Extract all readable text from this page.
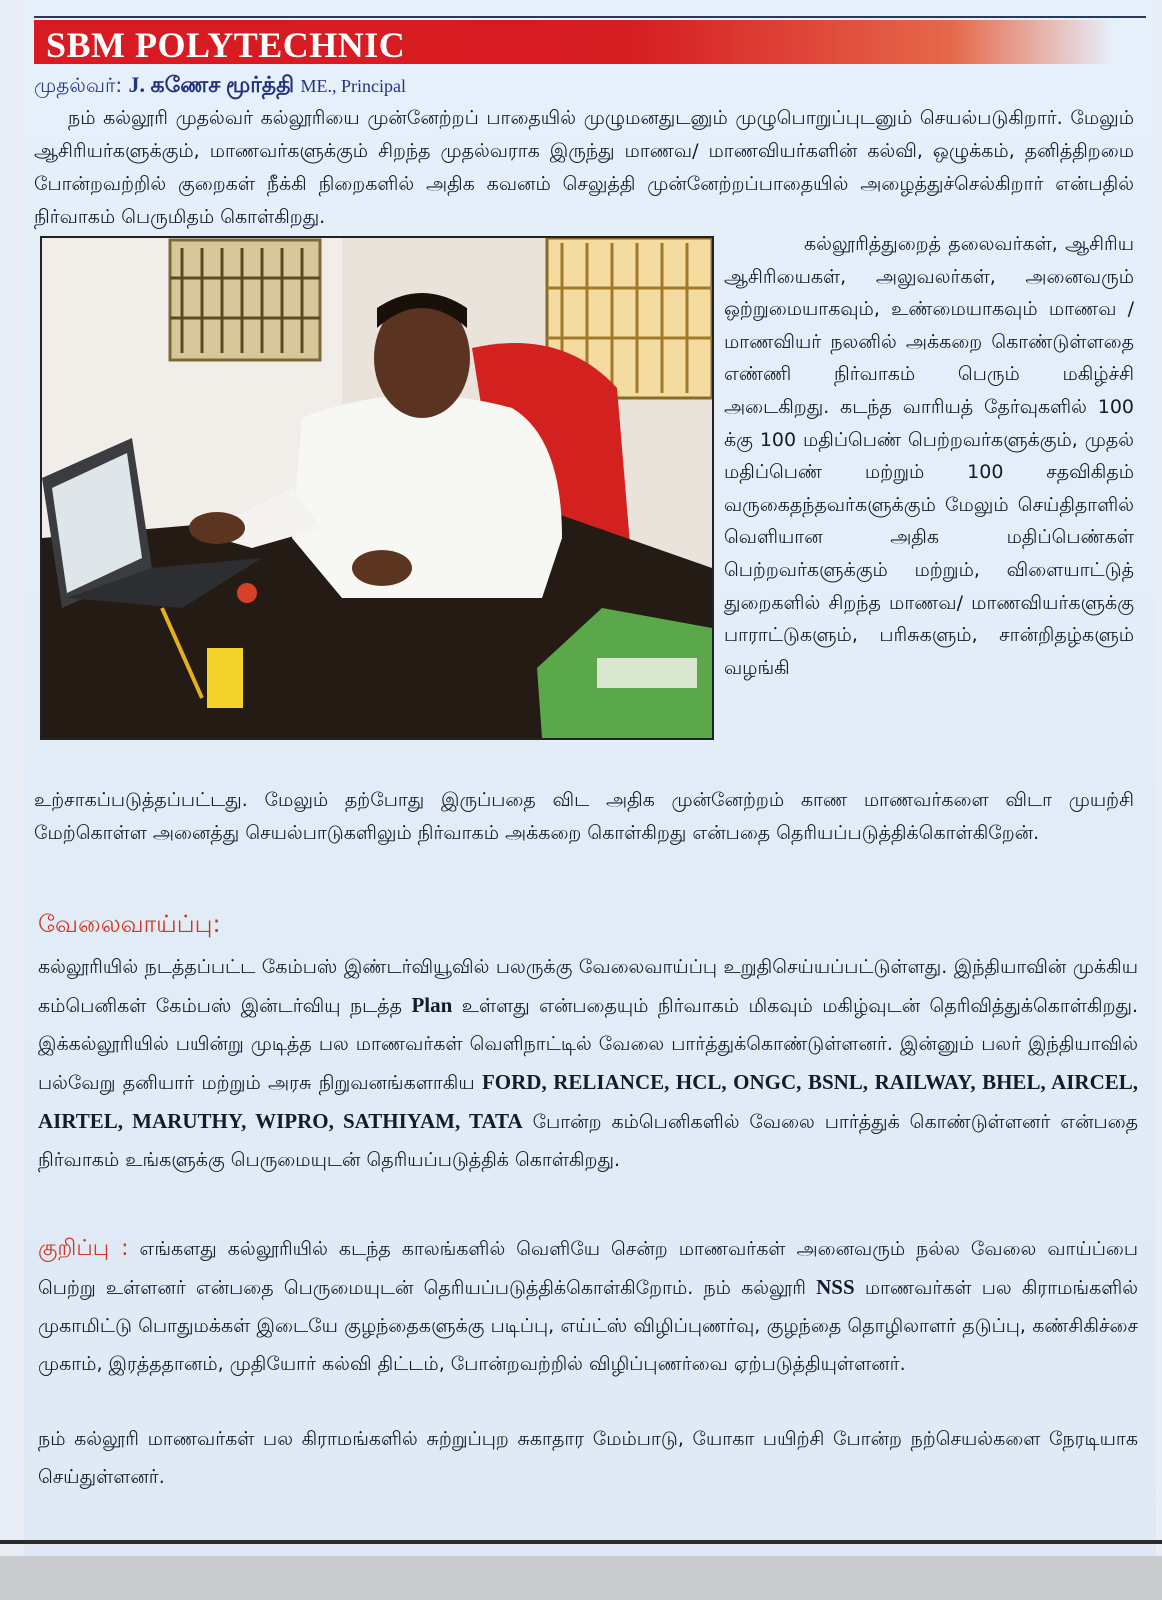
SBM POLYTECHNIC
முதல்வர்: J. கணேச மூர்த்தி ME., Principal
நம் கல்லூரி முதல்வர் கல்லூரியை முன்னேற்றப் பாதையில் முழுமனதுடனும் முழுபொறுப்புடனும் செயல்படுகிறார். மேலும் ஆசிரியர்களுக்கும், மாணவர்களுக்கும் சிறந்த முதல்வராக இருந்து மாணவ/ மாணவியர்களின் கல்வி, ஒழுக்கம், தனித்திறமை போன்றவற்றில் குறைகள் நீக்கி நிறைகளில் அதிக கவனம் செலுத்தி முன்னேற்றப்பாதையில் அழைத்துச்செல்கிறார் என்பதில் நிர்வாகம் பெருமிதம் கொள்கிறது.
கல்லூரித்துறைத் தலைவர்கள், ஆசிரிய ஆசிரியைகள், அலுவலர்கள், அனைவரும் ஒற்றுமையாகவும், உண்மையாகவும் மாணவ / மாணவியர் நலனில் அக்கறை கொண்டுள்ளதை எண்ணி நிர்வாகம் பெரும் மகிழ்ச்சி அடைகிறது. கடந்த வாரியத் தேர்வுகளில் 100 க்கு 100 மதிப்பெண் பெற்றவர்களுக்கும், முதல் மதிப்பெண் மற்றும் 100 சதவிகிதம் வருகைதந்தவர்களுக்கும் மேலும் செய்திதாளில் வெளியான அதிக மதிப்பெண்கள் பெற்றவர்களுக்கும் மற்றும், விளையாட்டுத் துறைகளில் சிறந்த மாணவ/ மாணவியர்களுக்கு பாராட்டுகளும், பரிசுகளும், சான்றிதழ்களும் வழங்கி
உற்சாகப்படுத்தப்பட்டது. மேலும் தற்போது இருப்பதை விட அதிக முன்னேற்றம் காண மாணவர்களை விடா முயற்சி மேற்கொள்ள அனைத்து செயல்பாடுகளிலும் நிர்வாகம் அக்கறை கொள்கிறது என்பதை தெரியப்படுத்திக்கொள்கிறேன்.
வேலைவாய்ப்பு:
கல்லூரியில் நடத்தப்பட்ட கேம்பஸ் இண்டர்வியூவில் பலருக்கு வேலைவாய்ப்பு உறுதிசெய்யப்பட்டுள்ளது. இந்தியாவின் முக்கிய கம்பெனிகள் கேம்பஸ் இன்டர்வியு நடத்த Plan உள்ளது என்பதையும் நிர்வாகம் மிகவும் மகிழ்வுடன் தெரிவித்துக்கொள்கிறது. இக்கல்லூரியில் பயின்று முடித்த பல மாணவர்கள் வெளிநாட்டில் வேலை பார்த்துக்கொண்டுள்ளனர். இன்னும் பலர் இந்தியாவில் பல்வேறு தனியார் மற்றும் அரசு நிறுவனங்களாகிய FORD, RELIANCE, HCL, ONGC, BSNL, RAILWAY, BHEL, AIRCEL, AIRTEL, MARUTHY, WIPRO, SATHIYAM, TATA போன்ற கம்பெனிகளில் வேலை பார்த்துக் கொண்டுள்ளனர் என்பதை நிர்வாகம் உங்களுக்கு பெருமையுடன் தெரியப்படுத்திக் கொள்கிறது.
குறிப்பு : எங்களது கல்லூரியில் கடந்த காலங்களில் வெளியே சென்ற மாணவர்கள் அனைவரும் நல்ல வேலை வாய்ப்பை பெற்று உள்ளனர் என்பதை பெருமையுடன் தெரியப்படுத்திக்கொள்கிறோம். நம் கல்லூரி NSS மாணவர்கள் பல கிராமங்களில் முகாமிட்டு பொதுமக்கள் இடையே குழந்தைகளுக்கு படிப்பு, எய்ட்ஸ் விழிப்புணர்வு, குழந்தை தொழிலாளர் தடுப்பு, கண்சிகிச்சை முகாம், இரத்ததானம், முதியோர் கல்வி திட்டம், போன்றவற்றில் விழிப்புணர்வை ஏற்படுத்தியுள்ளனர்.
நம் கல்லூரி மாணவர்கள் பல கிராமங்களில் சுற்றுப்புற சுகாதார மேம்பாடு, யோகா பயிற்சி போன்ற நற்செயல்களை நேரடியாக செய்துள்ளனர்.
